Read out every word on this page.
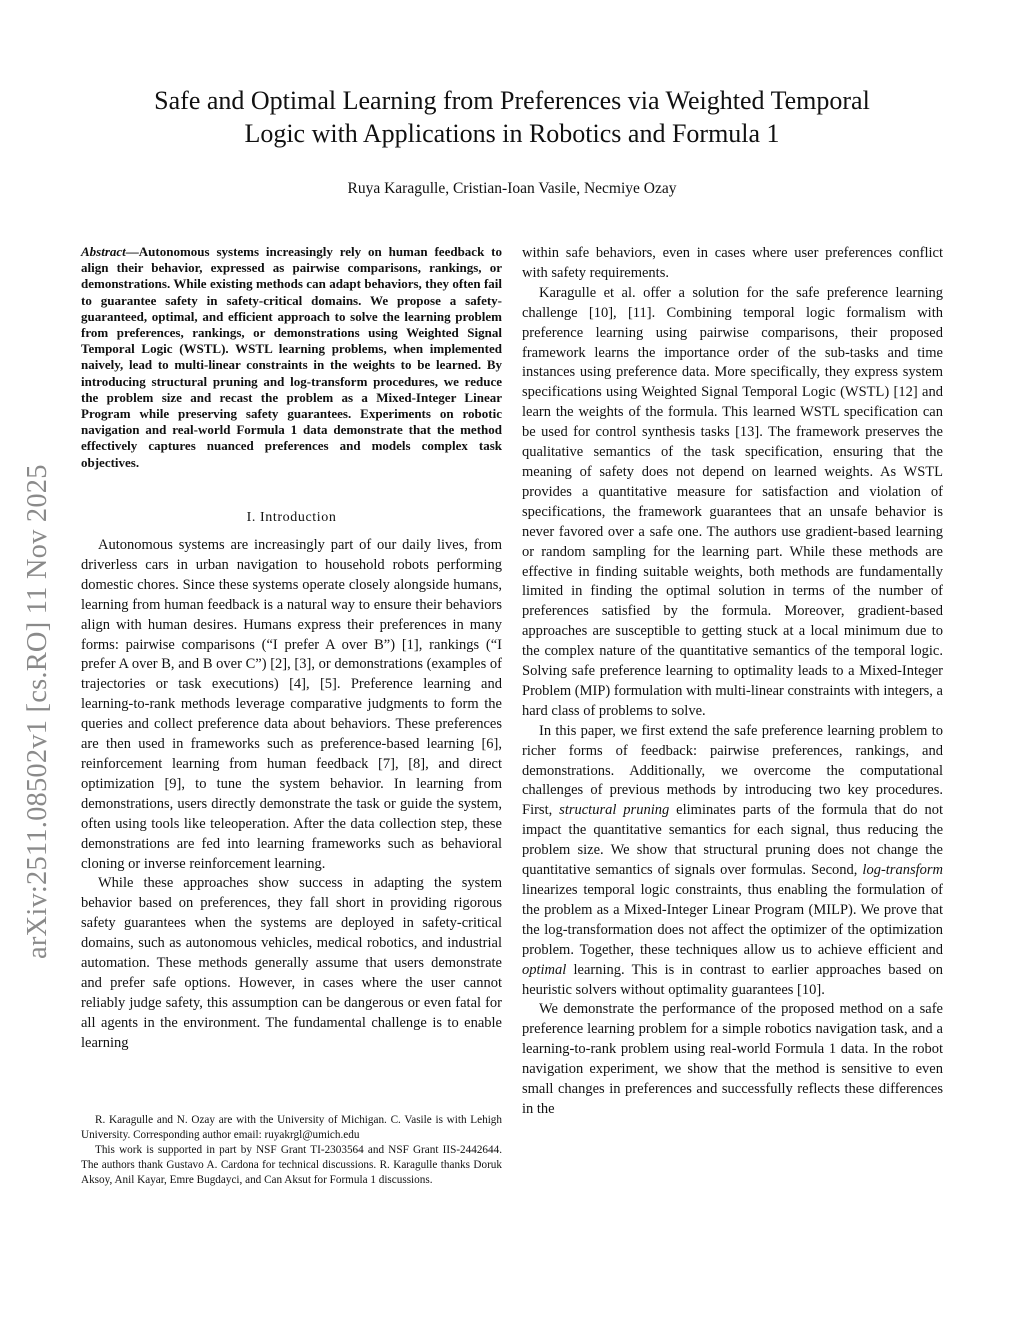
Safe and Optimal Learning from Preferences via Weighted Temporal
Logic with Applications in Robotics and Formula 1
Ruya Karagulle, Cristian-Ioan Vasile, Necmiye Ozay
arXiv:2511.08502v1 [cs.RO] 11 Nov 2025
Abstract—Autonomous systems increasingly rely on human feedback to align their behavior, expressed as pairwise comparisons, rankings, or demonstrations. While existing methods can adapt behaviors, they often fail to guarantee safety in safety-critical domains. We propose a safety-guaranteed, optimal, and efficient approach to solve the learning problem from preferences, rankings, or demonstrations using Weighted Signal Temporal Logic (WSTL). WSTL learning problems, when implemented naively, lead to multi-linear constraints in the weights to be learned. By introducing structural pruning and log-transform procedures, we reduce the problem size and recast the problem as a Mixed-Integer Linear Program while preserving safety guarantees. Experiments on robotic navigation and real-world Formula 1 data demonstrate that the method effectively captures nuanced preferences and models complex task objectives.
I. Introduction

Autonomous systems are increasingly part of our daily lives, from driverless cars in urban navigation to household robots performing domestic chores. Since these systems operate closely alongside humans, learning from human feedback is a natural way to ensure their behaviors align with human desires. Humans express their preferences in many forms: pairwise comparisons (“I prefer A over B”) [1], rankings (“I prefer A over B, and B over C”) [2], [3], or demonstrations (examples of trajectories or task executions) [4], [5]. Preference learning and learning-to-rank methods leverage comparative judgments to form the queries and collect preference data about behaviors. These preferences are then used in frameworks such as preference-based learning [6], reinforcement learning from human feedback [7], [8], and direct optimization [9], to tune the system behavior. In learning from demonstrations, users directly demonstrate the task or guide the system, often using tools like teleoperation. After the data collection step, these demonstrations are fed into learning frameworks such as behavioral cloning or inverse reinforcement learning.

While these approaches show success in adapting the system behavior based on preferences, they fall short in providing rigorous safety guarantees when the systems are deployed in safety-critical domains, such as autonomous vehicles, medical robotics, and industrial automation. These methods generally assume that users demonstrate and prefer safe options. However, in cases where the user cannot reliably judge safety, this assumption can be dangerous or even fatal for all agents in the environment. The fundamental challenge is to enable learning

R. Karagulle and N. Ozay are with the University of Michigan. C. Vasile is with Lehigh University. Corresponding author email: ruyakrgl@umich.edu

This work is supported in part by NSF Grant TI-2303564 and NSF Grant IIS-2442644. The authors thank Gustavo A. Cardona for technical discussions. R. Karagulle thanks Doruk Aksoy, Anil Kayar, Emre Bugdayci, and Can Aksut for Formula 1 discussions.

within safe behaviors, even in cases where user preferences conflict with safety requirements.

Karagulle et al. offer a solution for the safe preference learning challenge [10], [11]. Combining temporal logic formalism with preference learning using pairwise comparisons, their proposed framework learns the importance order of the sub-tasks and time instances using preference data. More specifically, they express system specifications using Weighted Signal Temporal Logic (WSTL) [12] and learn the weights of the formula. This learned WSTL specification can be used for control synthesis tasks [13]. The framework preserves the qualitative semantics of the task specification, ensuring that the meaning of safety does not depend on learned weights. As WSTL provides a quantitative measure for satisfaction and violation of specifications, the framework guarantees that an unsafe behavior is never favored over a safe one. The authors use gradient-based learning or random sampling for the learning part. While these methods are effective in finding suitable weights, both methods are fundamentally limited in finding the optimal solution in terms of the number of preferences satisfied by the formula. Moreover, gradient-based approaches are susceptible to getting stuck at a local minimum due to the complex nature of the quantitative semantics of the temporal logic. Solving safe preference learning to optimality leads to a Mixed-Integer Problem (MIP) formulation with multi-linear constraints with integers, a hard class of problems to solve.

In this paper, we first extend the safe preference learning problem to richer forms of feedback: pairwise preferences, rankings, and demonstrations. Additionally, we overcome the computational challenges of previous methods by introducing two key procedures. First, structural pruning eliminates parts of the formula that do not impact the quantitative semantics for each signal, thus reducing the problem size. We show that structural pruning does not change the quantitative semantics of signals over formulas. Second, log-transform linearizes temporal logic constraints, thus enabling the formulation of the problem as a Mixed-Integer Linear Program (MILP). We prove that the log-transformation does not affect the optimizer of the optimization problem. Together, these techniques allow us to achieve efficient and optimal learning. This is in contrast to earlier approaches based on heuristic solvers without optimality guarantees [10].

We demonstrate the performance of the proposed method on a safe preference learning problem for a simple robotics navigation task, and a learning-to-rank problem using real-world Formula 1 data. In the robot navigation experiment, we show that the method is sensitive to even small changes in preferences and successfully reflects these differences in the
